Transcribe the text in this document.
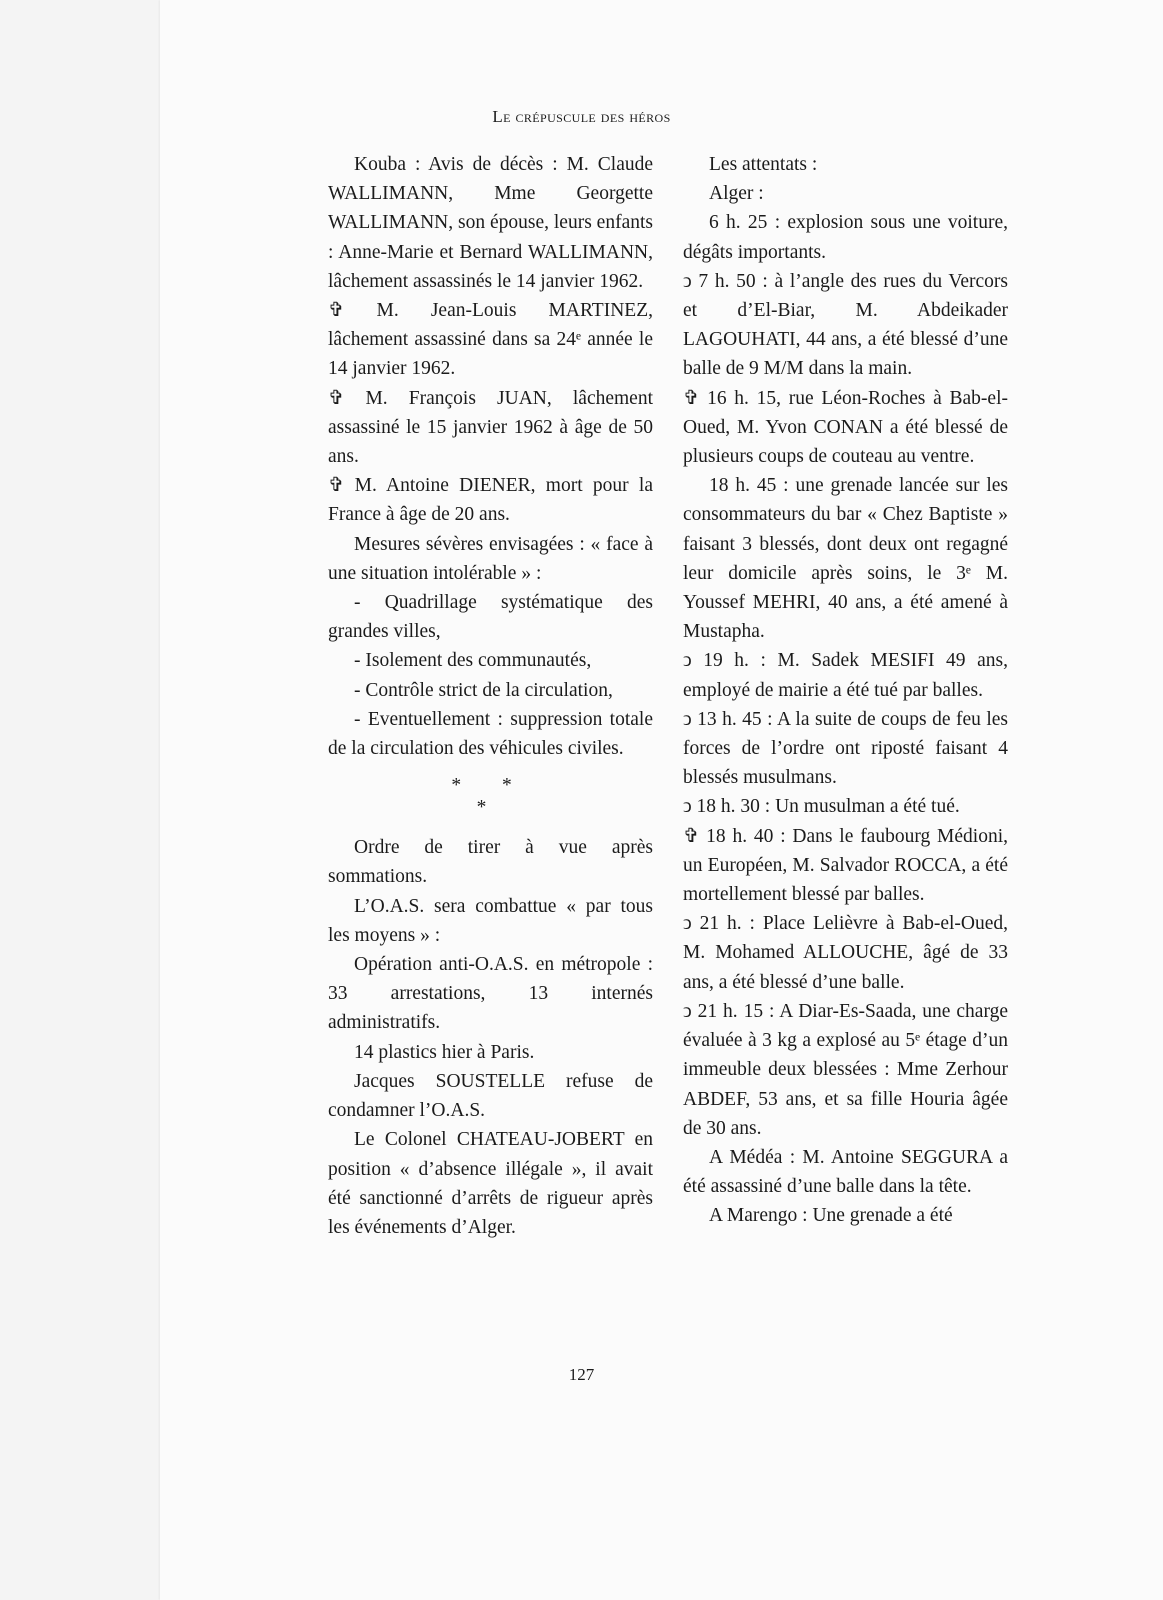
Le crépuscule des héros

Kouba : Avis de décès : M. Claude WALLIMANN, Mme Georgette WALLIMANN, son épouse, leurs enfants : Anne-Marie et Bernard WALLIMANN, lâchement assassinés le 14 janvier 1962.

✞ M. Jean-Louis MARTINEZ, lâchement assassiné dans sa 24ᵉ année le 14 janvier 1962.

✞ M. François JUAN, lâchement assassiné le 15 janvier 1962 à âge de 50 ans.

✞ M. Antoine DIENER, mort pour la France à âge de 20 ans.

Mesures sévères envisagées : « face à une situation intolérable » :

- Quadrillage systématique des grandes villes,

- Isolement des communautés,

- Contrôle strict de la circulation,

- Eventuellement : suppression totale de la circulation des véhicules civiles.

* *
*

Ordre de tirer à vue après sommations.

L’O.A.S. sera combattue « par tous les moyens » :

Opération anti-O.A.S. en métropole : 33 arrestations, 13 internés administratifs.

14 plastics hier à Paris.

Jacques SOUSTELLE refuse de condamner l’O.A.S.

Le Colonel CHATEAU-JOBERT en position « d’absence illégale », il avait été sanctionné d’arrêts de rigueur après les événements d’Alger.

Les attentats :

Alger :

6 h. 25 : explosion sous une voiture, dégâts importants.

ↄ 7 h. 50 : à l’angle des rues du Vercors et d’El-Biar, M. Abdeikader LAGOUHATI, 44 ans, a été blessé d’une balle de 9 M/M dans la main.

✞ 16 h. 15, rue Léon-Roches à Bab-el-Oued, M. Yvon CONAN a été blessé de plusieurs coups de couteau au ventre.

18 h. 45 : une grenade lancée sur les consommateurs du bar « Chez Baptiste » faisant 3 blessés, dont deux ont regagné leur domicile après soins, le 3ᵉ M. Youssef MEHRI, 40 ans, a été amené à Mustapha.

ↄ 19 h. : M. Sadek MESIFI 49 ans, employé de mairie a été tué par balles.

ↄ 13 h. 45 : A la suite de coups de feu les forces de l’ordre ont riposté faisant 4 blessés musulmans.

ↄ 18 h. 30 : Un musulman a été tué.

✞ 18 h. 40 : Dans le faubourg Médioni, un Européen, M. Salvador ROCCA, a été mortellement blessé par balles.

ↄ 21 h. : Place Lelièvre à Bab-el-Oued, M. Mohamed ALLOUCHE, âgé de 33 ans, a été blessé d’une balle.

ↄ 21 h. 15 : A Diar-Es-Saada, une charge évaluée à 3 kg a explosé au 5ᵉ étage d’un immeuble deux blessées : Mme Zerhour ABDEF, 53 ans, et sa fille Houria âgée de 30 ans.

A Médéa : M. Antoine SEGGURA a été assassiné d’une balle dans la tête.

A Marengo : Une grenade a été

127
